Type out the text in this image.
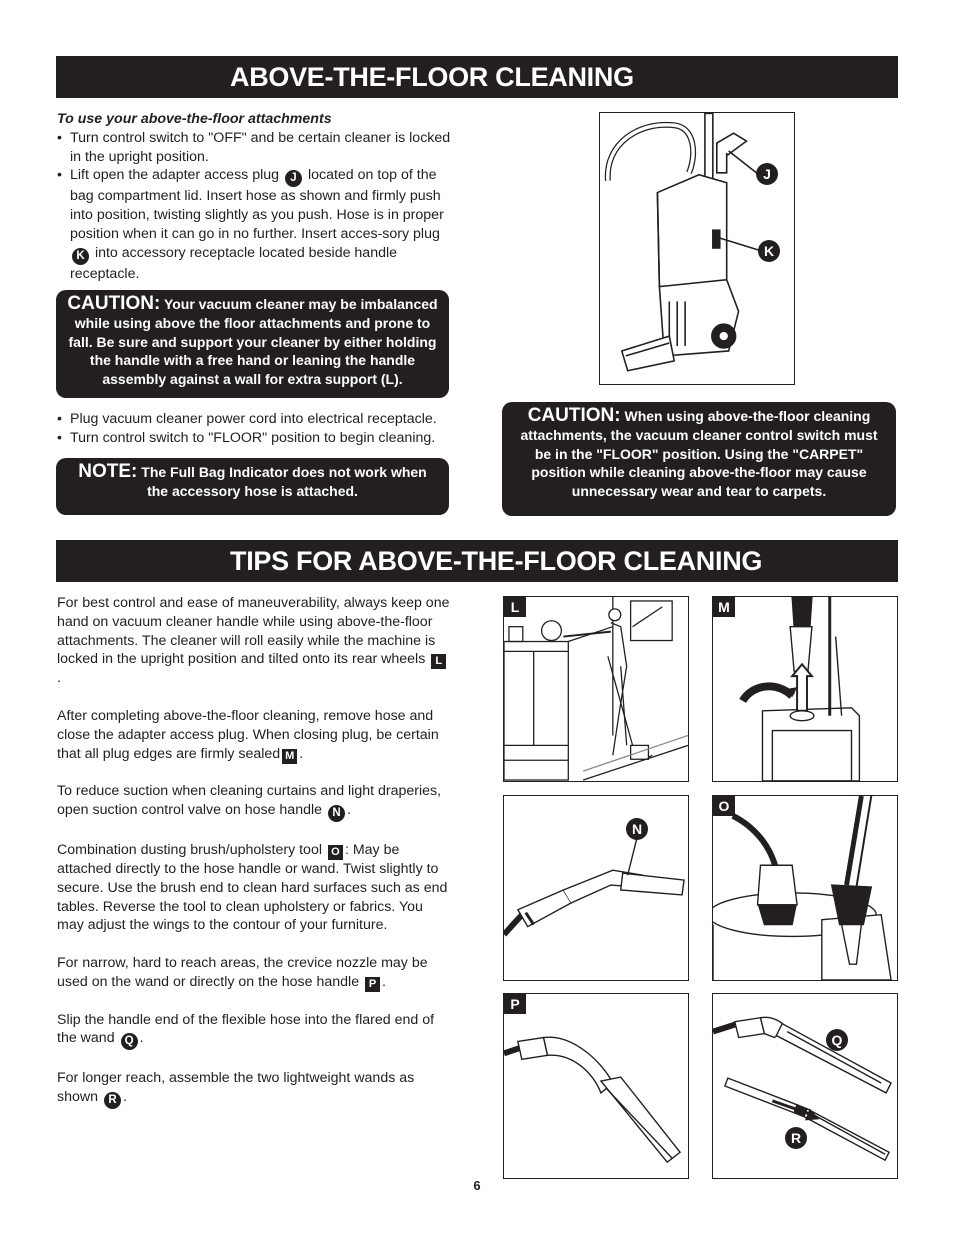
ABOVE-THE-FLOOR CLEANING
To use your above-the-floor attachments
• Turn control switch to "OFF" and be certain cleaner is locked in the upright position.
• Lift open the adapter access plug J located on top of the bag compartment lid. Insert hose as shown and firmly push into position, twisting slightly as you push. Hose is in proper position when it can go in no further. Insert acces-sory plug K into accessory receptacle located beside handle receptacle.
CAUTION: Your vacuum cleaner may be imbalanced while using above the floor attachments and prone to fall. Be sure and support your cleaner by either holding the handle with a free hand or leaning the handle assembly against a wall for extra support (L).
• Plug vacuum cleaner power cord into electrical receptacle.
• Turn control switch to "FLOOR" position to begin cleaning.
NOTE: The Full Bag Indicator does not work when the accessory hose is attached.
J
K
CAUTION: When using above-the-floor cleaning attachments, the vacuum cleaner control switch must be in the "FLOOR" position. Using the "CARPET" position while cleaning above-the-floor may cause unnecessary wear and tear to carpets.
TIPS FOR ABOVE-THE-FLOOR CLEANING

For best control and ease of maneuverability, always keep one hand on vacuum cleaner handle while using above-the-floor attachments. The cleaner will roll easily while the machine is locked in the upright position and tilted onto its rear wheels L .

After completing above-the-floor cleaning, remove hose and close the adapter access plug. When closing plug, be certain that all plug edges are firmly sealed M .

To reduce suction when cleaning curtains and light draperies, open suction control valve on hose handle N .

Combination dusting brush/upholstery tool O : May be attached directly to the hose handle or wand. Twist slightly to secure. Use the brush end to clean hard surfaces such as end tables. Reverse the tool to clean upholstery or fabrics. You may adjust the wings to the contour of your furniture.

For narrow, hard to reach areas, the crevice nozzle may be used on the wand or directly on the hose handle P .

Slip the handle end of the flexible hose into the flared end of the wand Q .

For longer reach, assemble the two lightweight wands as shown R .

L	M
N
O
P
Q
R
6
